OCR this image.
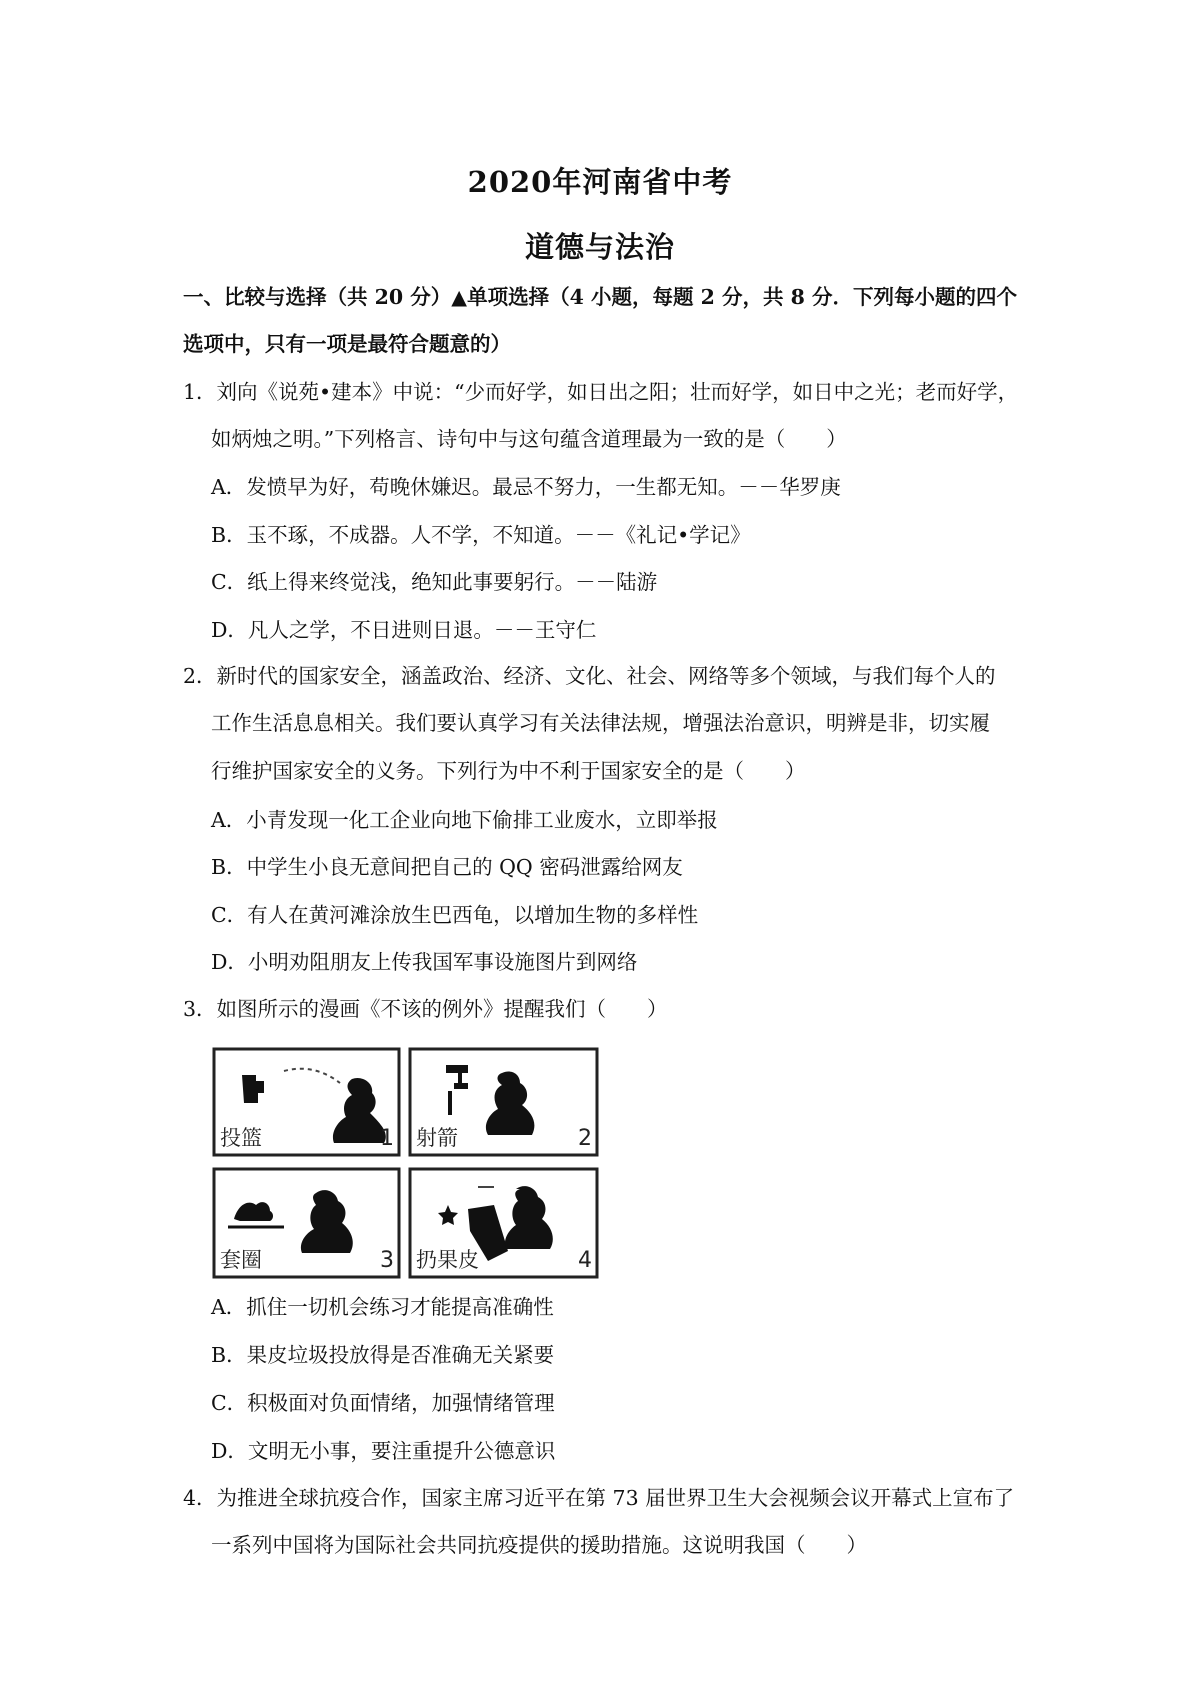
2020年河南省中考
道德与法治
一、比较与选择（共 20 分）▲单项选择（4 小题，每题 2 分，共 8 分．下列每小题的四个
选项中，只有一项是最符合题意的）
1．刘向《说苑•建本》中说：“少而好学，如日出之阳；壮而好学，如日中之光；老而好学，
如炳烛之明。”下列格言、诗句中与这句蕴含道理最为一致的是（　　）
A．发愤早为好，苟晚休嫌迟。最忌不努力，一生都无知。－－华罗庚
B．玉不琢，不成器。人不学，不知道。－－《礼记•学记》
C．纸上得来终觉浅，绝知此事要躬行。－－陆游
D．凡人之学，不日进则日退。－－王守仁
2．新时代的国家安全，涵盖政治、经济、文化、社会、网络等多个领域，与我们每个人的
工作生活息息相关。我们要认真学习有关法律法规，增强法治意识，明辨是非，切实履
行维护国家安全的义务。下列行为中不利于国家安全的是（　　）
A．小青发现一化工企业向地下偷排工业废水，立即举报
B．中学生小良无意间把自己的 QQ 密码泄露给网友
C．有人在黄河滩涂放生巴西龟，以增加生物的多样性
D．小明劝阻朋友上传我国军事设施图片到网络
3．如图所示的漫画《不该的例外》提醒我们（　　）
投篮	1 射箭	2
套圈	3 扔果皮	4
A．抓住一切机会练习才能提高准确性
B．果皮垃圾投放得是否准确无关紧要
C．积极面对负面情绪，加强情绪管理
D．文明无小事，要注重提升公德意识
4．为推进全球抗疫合作，国家主席习近平在第 73 届世界卫生大会视频会议开幕式上宣布了
一系列中国将为国际社会共同抗疫提供的援助措施。这说明我国（　　）
